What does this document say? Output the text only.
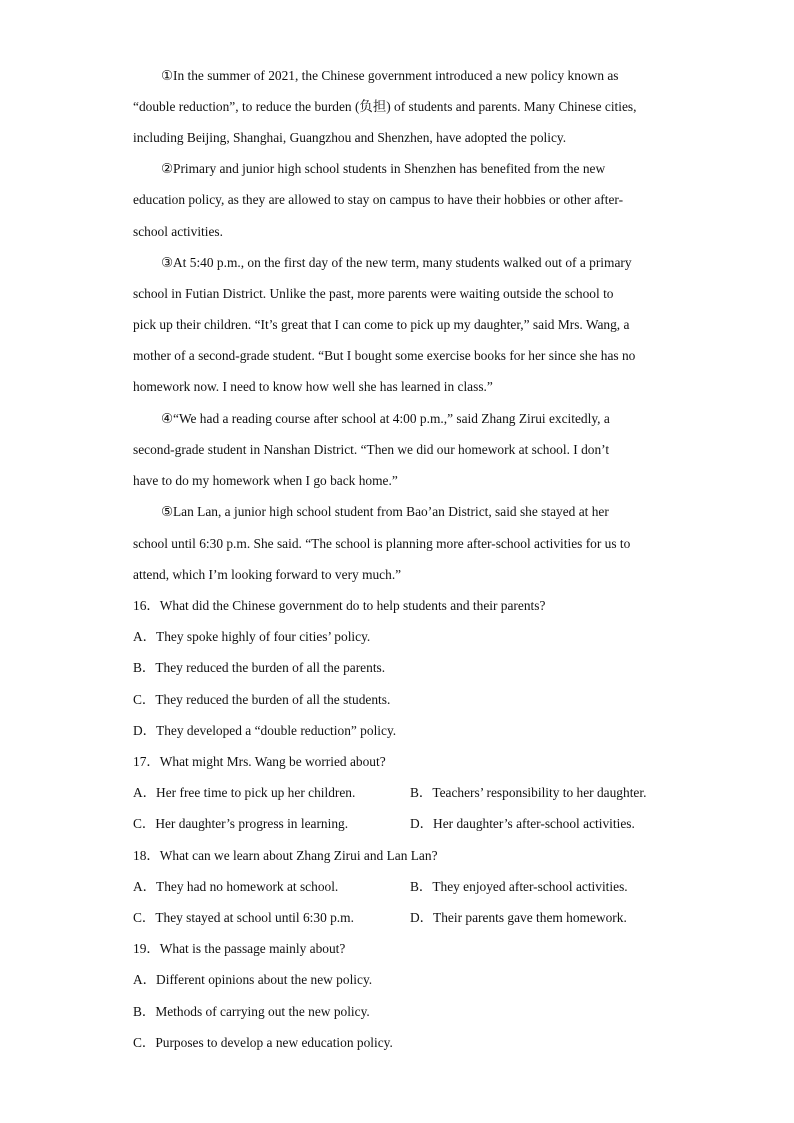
①In the summer of 2021, the Chinese government introduced a new policy known as
“double reduction”, to reduce the burden (负担) of students and parents. Many Chinese cities,
including Beijing, Shanghai, Guangzhou and Shenzhen, have adopted the policy.
②Primary and junior high school students in Shenzhen has benefited from the new
education policy, as they are allowed to stay on campus to have their hobbies or other after-
school activities.
③At 5:40 p.m., on the first day of the new term, many students walked out of a primary
school in Futian District. Unlike the past, more parents were waiting outside the school to
pick up their children. “It’s great that I can come to pick up my daughter,” said Mrs. Wang, a
mother of a second-grade student. “But I bought some exercise books for her since she has no
homework now. I need to know how well she has learned in class.”
④“We had a reading course after school at 4:00 p.m.,” said Zhang Zirui excitedly, a
second-grade student in Nanshan District. “Then we did our homework at school. I don’t
have to do my homework when I go back home.”
⑤Lan Lan, a junior high school student from Bao’an District, said she stayed at her
school until 6:30 p.m. She said. “The school is planning more after-school activities for us to
attend, which I’m looking forward to very much.”
16．What did the Chinese government do to help students and their parents?
A．They spoke highly of four cities’ policy.
B．They reduced the burden of all the parents.
C．They reduced the burden of all the students.
D．They developed a “double reduction” policy.
17．What might Mrs. Wang be worried about?
A．Her free time to pick up her children.	B．Teachers’ responsibility to her daughter.
C．Her daughter’s progress in learning.	D．Her daughter’s after-school activities.
18．What can we learn about Zhang Zirui and Lan Lan?
A．They had no homework at school.	B．They enjoyed after-school activities.
C．They stayed at school until 6:30 p.m.	D．Their parents gave them homework.
19．What is the passage mainly about?
A．Different opinions about the new policy.
B．Methods of carrying out the new policy.
C．Purposes to develop a new education policy.
